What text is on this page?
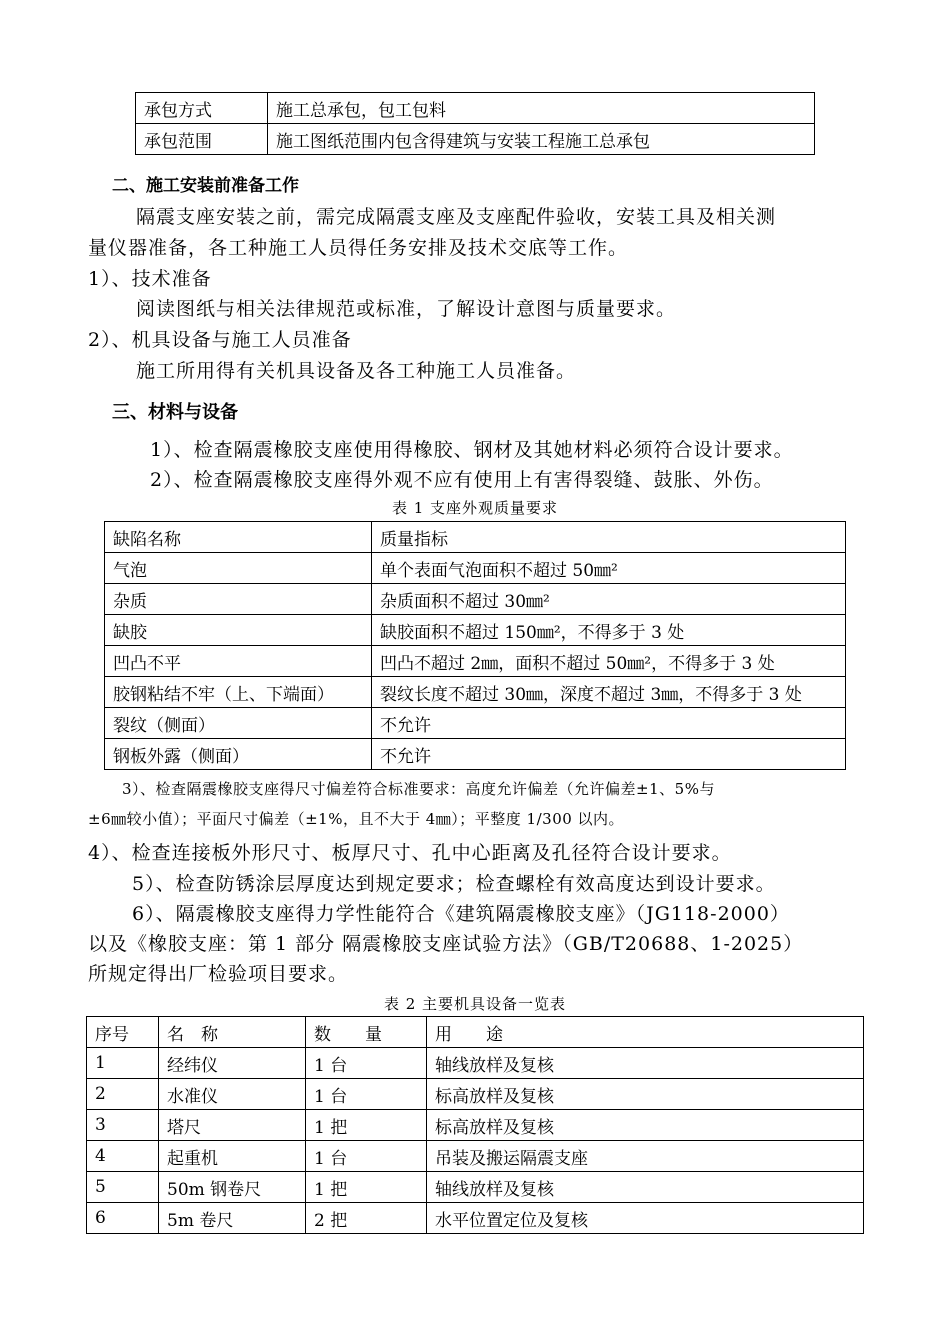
承包方式	施工总承包，包工包料
承包范围	施工图纸范围内包含得建筑与安装工程施工总承包
二、施工安装前准备工作
隔震支座安装之前，需完成隔震支座及支座配件验收，安装工具及相关测
量仪器准备，各工种施工人员得任务安排及技术交底等工作。
1）、技术准备
阅读图纸与相关法律规范或标准，了解设计意图与质量要求。
2）、机具设备与施工人员准备
施工所用得有关机具设备及各工种施工人员准备。
三、材料与设备
1）、检查隔震橡胶支座使用得橡胶、钢材及其她材料必须符合设计要求。
2）、检查隔震橡胶支座得外观不应有使用上有害得裂缝、鼓胀、外伤。
表 1 支座外观质量要求
缺陷名称	质量指标
气泡	单个表面气泡面积不超过 50㎜²
杂质	杂质面积不超过 30㎜²
缺胶	缺胶面积不超过 150㎜²，不得多于 3 处
凹凸不平	凹凸不超过 2㎜，面积不超过 50㎜²，不得多于 3 处
胶钢粘结不牢（上、下端面）	裂纹长度不超过 30㎜，深度不超过 3㎜，不得多于 3 处
裂纹（侧面）	不允许
钢板外露（侧面）	不允许
3）、检查隔震橡胶支座得尺寸偏差符合标准要求：高度允许偏差（允许偏差±1、5%与
±6㎜较小值）；平面尺寸偏差（±1%，且不大于 4㎜）；平整度 1/300 以内。
4）、检查连接板外形尺寸、板厚尺寸、孔中心距离及孔径符合设计要求。
5）、检查防锈涂层厚度达到规定要求；检查螺栓有效高度达到设计要求。
6）、隔震橡胶支座得力学性能符合《建筑隔震橡胶支座》（JG118-2000）
以及《橡胶支座：第 1 部分 隔震橡胶支座试验方法》（GB/T20688、1-2025）
所规定得出厂检验项目要求。
表 2 主要机具设备一览表
序号	名　称	数　　量	用　　途
1	经纬仪	1 台	轴线放样及复核
2	水准仪	1 台	标高放样及复核
3	塔尺	1 把	标高放样及复核
4	起重机	1 台	吊装及搬运隔震支座
5	50m 钢卷尺	1 把	轴线放样及复核
6	5m 卷尺	2 把	水平位置定位及复核
